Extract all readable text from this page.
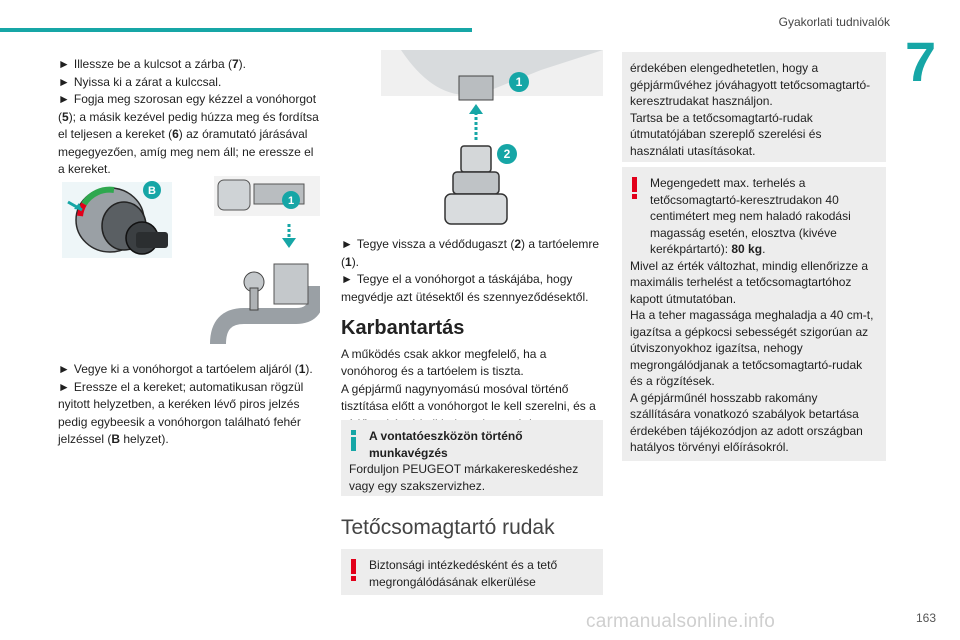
Gyakorlati tudnivalók
7

► Illessze be a kulcsot a zárba (7).

► Nyissa ki a zárat a kulccsal.

► Fogja meg szorosan egy kézzel a vonóhorgot (5); a másik kezével pedig húzza meg és fordítsa el teljesen a kereket (6) az óramutató járásával megegyezően, amíg meg nem áll; ne eressze el a kereket.

B
1

► Vegye ki a vonóhorgot a tartóelem aljáról (1).

► Eressze el a kereket; automatikusan rögzül nyitott helyzetben, a keréken lévő piros jelzés pedig egybeesik a vonóhorgon található fehér jelzéssel (B helyzet).

1
2

► Tegye vissza a védődugaszt (2) a tartóelemre (1).

► Tegye el a vonóhorgot a táskájába, hogy megvédje azt ütésektől és szennyeződésektől.

Karbantartás

A működés csak akkor megfelelő, ha a vonóhorog és a tartóelem is tiszta.

A gépjármű nagynyomású mosóval történő tisztítása előtt a vonóhorgot le kell szerelni, és a

A vontatóeszközön történő munkavégzés
Forduljon PEUGEOT márkakereskedéshez vagy egy szakszervizhez.
Tetőcsomagtartó rudak
Biztonsági intézkedésként és a tető megrongálódásának elkerülése
érdekében elengedhetetlen, hogy a gépjárművéhez jóváhagyott tetőcsomagtartó-keresztrudakat használjon.
Tartsa be a tetőcsomagtartó-rudak útmutatójában szereplő szerelési és használati utasításokat.
Megengedett max. terhelés a tetőcsomagtartó-keresztrudakon 40 centimétert meg nem haladó rakodási magasság esetén, elosztva (kivéve kerékpártartó): 80 kg.
Mivel az érték változhat, mindig ellenőrizze a maximális terhelést a tetőcsomagtartóhoz kapott útmutatóban.
Ha a teher magassága meghaladja a 40 cm-t, igazítsa a gépkocsi sebességét szigorúan az útviszonyokhoz igazítsa, nehogy megrongálódjanak a tetőcsomagtartó-rudak és a rögzítések.
A gépjárműnél hosszabb rakomány szállítására vonatkozó szabályok betartása érdekében tájékozódjon az adott országban hatályos törvényi előírásokról.
carmanualsonline.info	163
